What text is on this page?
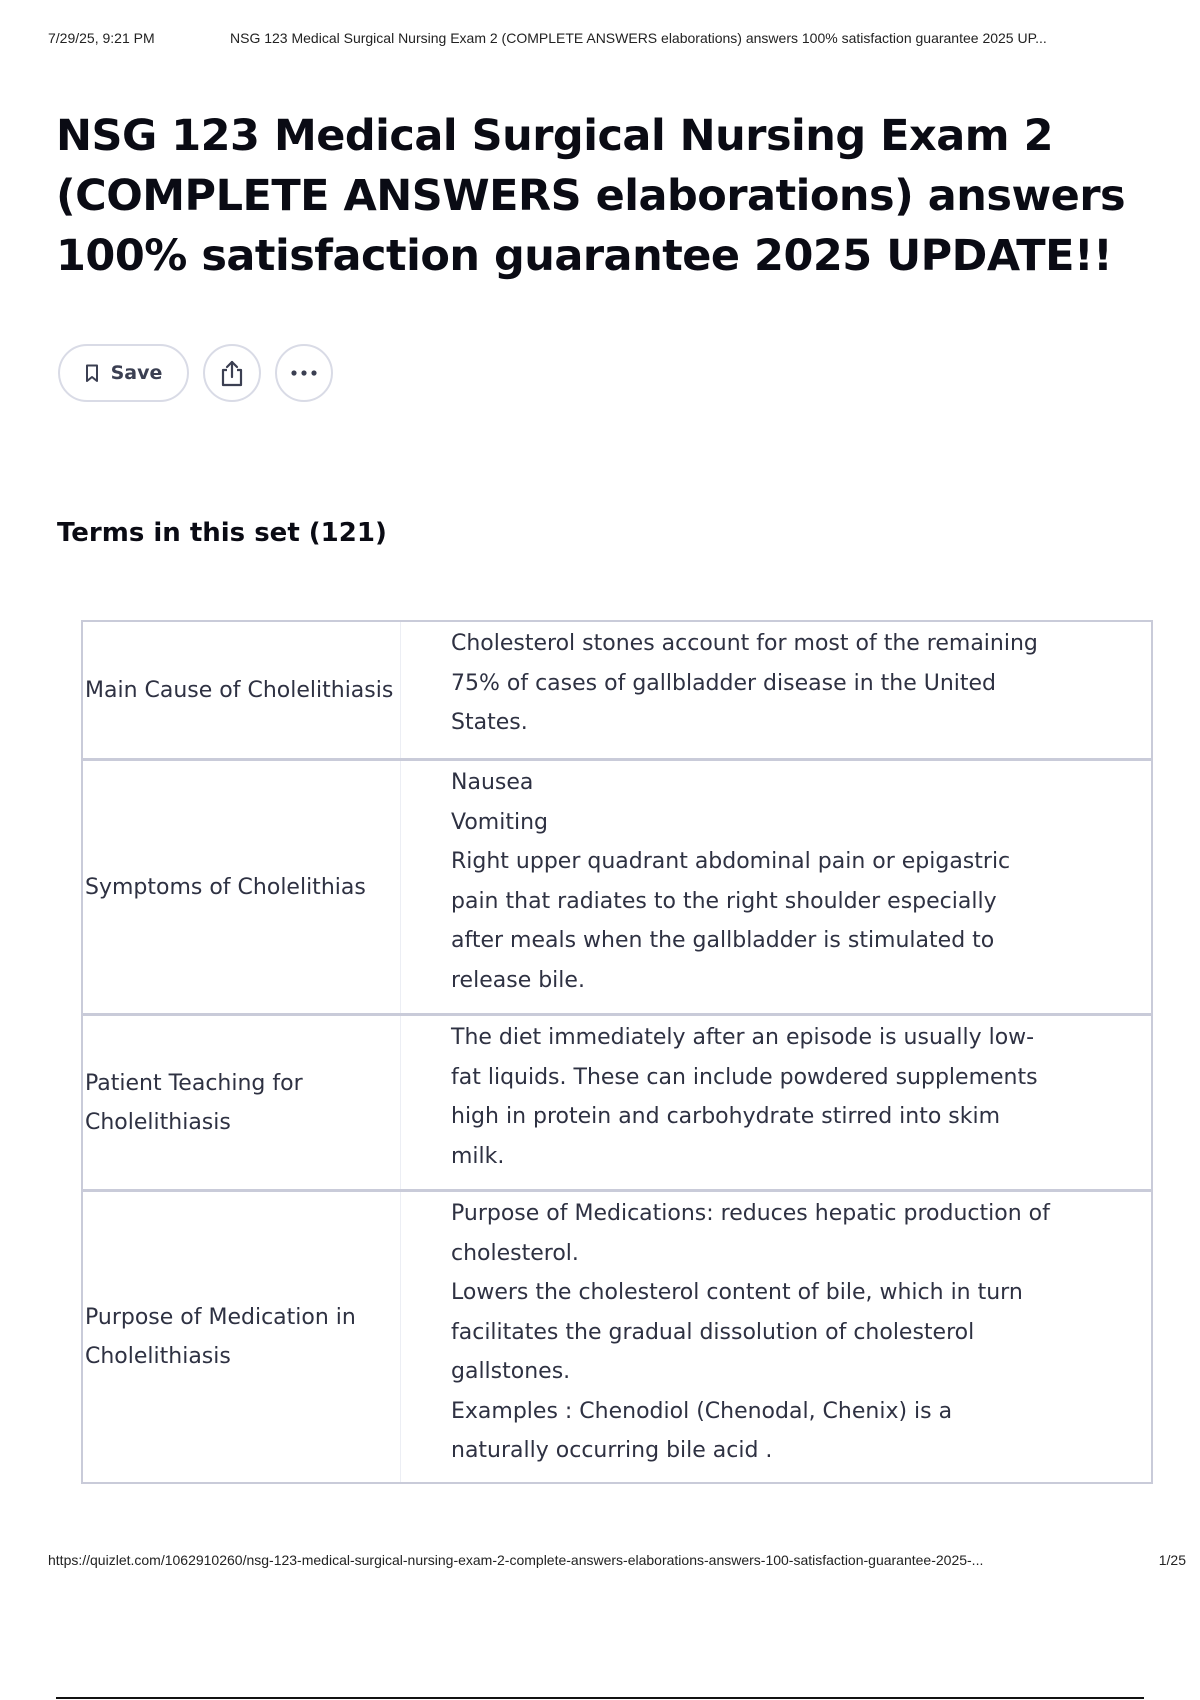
7/29/25, 9:21 PM	NSG 123 Medical Surgical Nursing Exam 2 (COMPLETE ANSWERS elaborations) answers 100% satisfaction guarantee 2025 UP...
NSG 123 Medical Surgical Nursing Exam 2 (COMPLETE ANSWERS elaborations) answers 100% satisfaction guarantee 2025 UPDATE!!
Save
Terms in this set (121)
Main Cause of Cholelithiasis
Cholesterol stones account for most of the remaining 75% of cases of gallbladder disease in the United States.
Symptoms of Cholelithias
Nausea
Vomiting
Right upper quadrant abdominal pain or epigastric pain that radiates to the right shoulder especially after meals when the gallbladder is stimulated to release bile.
Patient Teaching for Cholelithiasis
The diet immediately after an episode is usually low-fat liquids. These can include powdered supplements high in protein and carbohydrate stirred into skim milk.
Purpose of Medication in Cholelithiasis
Purpose of Medications: reduces hepatic production of cholesterol.
Lowers the cholesterol content of bile, which in turn facilitates the gradual dissolution of cholesterol gallstones.
Examples : Chenodiol (Chenodal, Chenix) is a naturally occurring bile acid .
https://quizlet.com/1062910260/nsg-123-medical-surgical-nursing-exam-2-complete-answers-elaborations-answers-100-satisfaction-guarantee-2025-...	1/25
